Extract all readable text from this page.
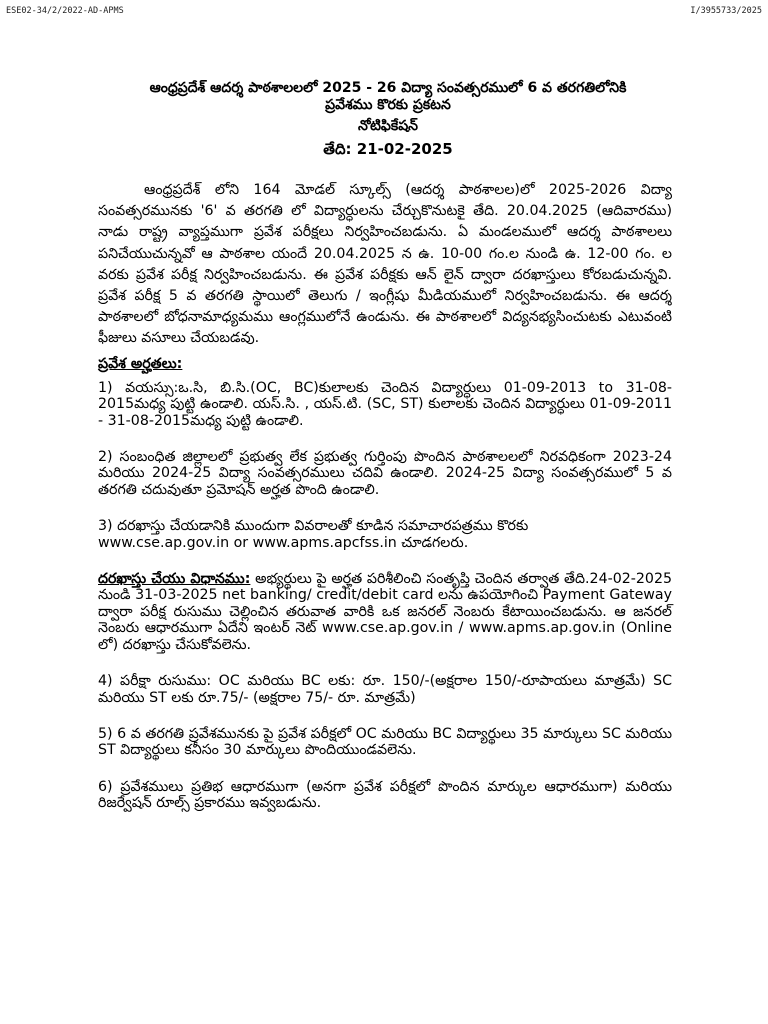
ESE02-34/2/2022-AD-APMS	I/3955733/2025
ఆంధ్రప్రదేశ్ ఆదర్శ పాఠశాలలలో 2025 - 26 విద్యా సంవత్సరములో 6 వ తరగతిలోనికి
ప్రవేశము కొరకు ప్రకటన
నోటిఫికేషన్
తేది: 21-02-2025

ఆంధ్రప్రదేశ్ లోని 164 మోడల్ స్కూల్స్ (ఆదర్శ పాఠశాలల)లో 2025-2026 విద్యా సంవత్సరమునకు '6' వ తరగతి లో విద్యార్ధులను చేర్చుకొనుటకై తేది. 20.04.2025 (ఆదివారము) నాడు రాష్ట్ర వ్యాప్తముగా ప్రవేశ పరీక్షలు నిర్వహించబడును. ఏ మండలములో ఆదర్శ పాఠశాలలు పనిచేయుచున్నవో ఆ పాఠశాల యందే 20.04.2025 న ఉ. 10-00 గం.ల నుండి ఉ. 12-00 గం. ల వరకు ప్రవేశ పరీక్ష నిర్వహించబడును. ఈ ప్రవేశ పరీక్షకు ఆన్ లైన్ ద్వారా దరఖాస్తులు కోరబడుచున్నవి. ప్రవేశ పరీక్ష 5 వ తరగతి స్థాయిలో తెలుగు / ఇంగ్లీషు మీడియములో నిర్వహించబడును. ఈ ఆదర్శ పాఠశాలలో బోధనామాధ్యమము ఆంగ్లములోనే ఉండును. ఈ పాఠశాలలో విద్యనభ్యసించుటకు ఎటువంటి ఫీజులు వసూలు చేయబడవు.

ప్రవేశ అర్హతలు:

1) వయస్సు:ఒ.సి, బి.సి.(OC, BC)కులాలకు చెందిన విద్యార్ధులు 01-09-2013 to 31-08-2015మధ్య పుట్టి ఉండాలి. యస్.సి. , యస్.టి. (SC, ST) కులాలకు చెందిన విద్యార్ధులు 01-09-2011 - 31-08-2015మధ్య పుట్టి ఉండాలి.

2) సంబంధిత జిల్లాలలో ప్రభుత్వ లేక ప్రభుత్వ గుర్తింపు పొందిన పాఠశాలలలో నిరవధికంగా 2023-24 మరియు 2024-25 విద్యా సంవత్సరములు చదివి ఉండాలి. 2024-25 విద్యా సంవత్సరములో 5 వ తరగతి చదువుతూ ప్రమోషన్ అర్హత పొంది ఉండాలి.

3) దరఖాస్తు చేయడానికి ముందుగా వివరాలతో కూడిన సమాచారపత్రము కొరకు
www.cse.ap.gov.in or www.apms.apcfss.in చూడగలరు.

దరఖాస్తు చేయు విధానము: అభ్యర్థులు పై అర్హత పరిశీలించి సంతృప్తి చెందిన తర్వాత తేది.24-02-2025 నుండి 31-03-2025 net banking/ credit/debit card లను ఉపయోగించి Payment Gateway ద్వారా పరీక్ష రుసుము చెల్లించిన తరువాత వారికి ఒక జనరల్ నెంబరు కేటాయించబడును. ఆ జనరల్ నెంబరు ఆధారముగా ఏదేని ఇంటర్ నెట్ www.cse.ap.gov.in / www.apms.ap.gov.in (Online లో) దరఖాస్తు చేసుకోవలెను.

4) పరీక్షా రుసుము: OC మరియు BC లకు: రూ. 150/-(అక్షరాల 150/-రూపాయలు మాత్రమే) SC మరియు ST లకు రూ.75/- (అక్షరాల 75/- రూ. మాత్రమే)

5) 6 వ తరగతి ప్రవేశమునకు పై ప్రవేశ పరీక్షలో OC మరియు BC విద్యార్థులు 35 మార్కులు SC మరియు ST విద్యార్థులు కనీసం 30 మార్కులు పొందియుండవలెను.

6) ప్రవేశములు ప్రతిభ ఆధారముగా (అనగా ప్రవేశ పరీక్షలో పొందిన మార్కుల ఆధారముగా) మరియు రిజర్వేషన్ రూల్స్ ప్రకారము ఇవ్వబడును.
